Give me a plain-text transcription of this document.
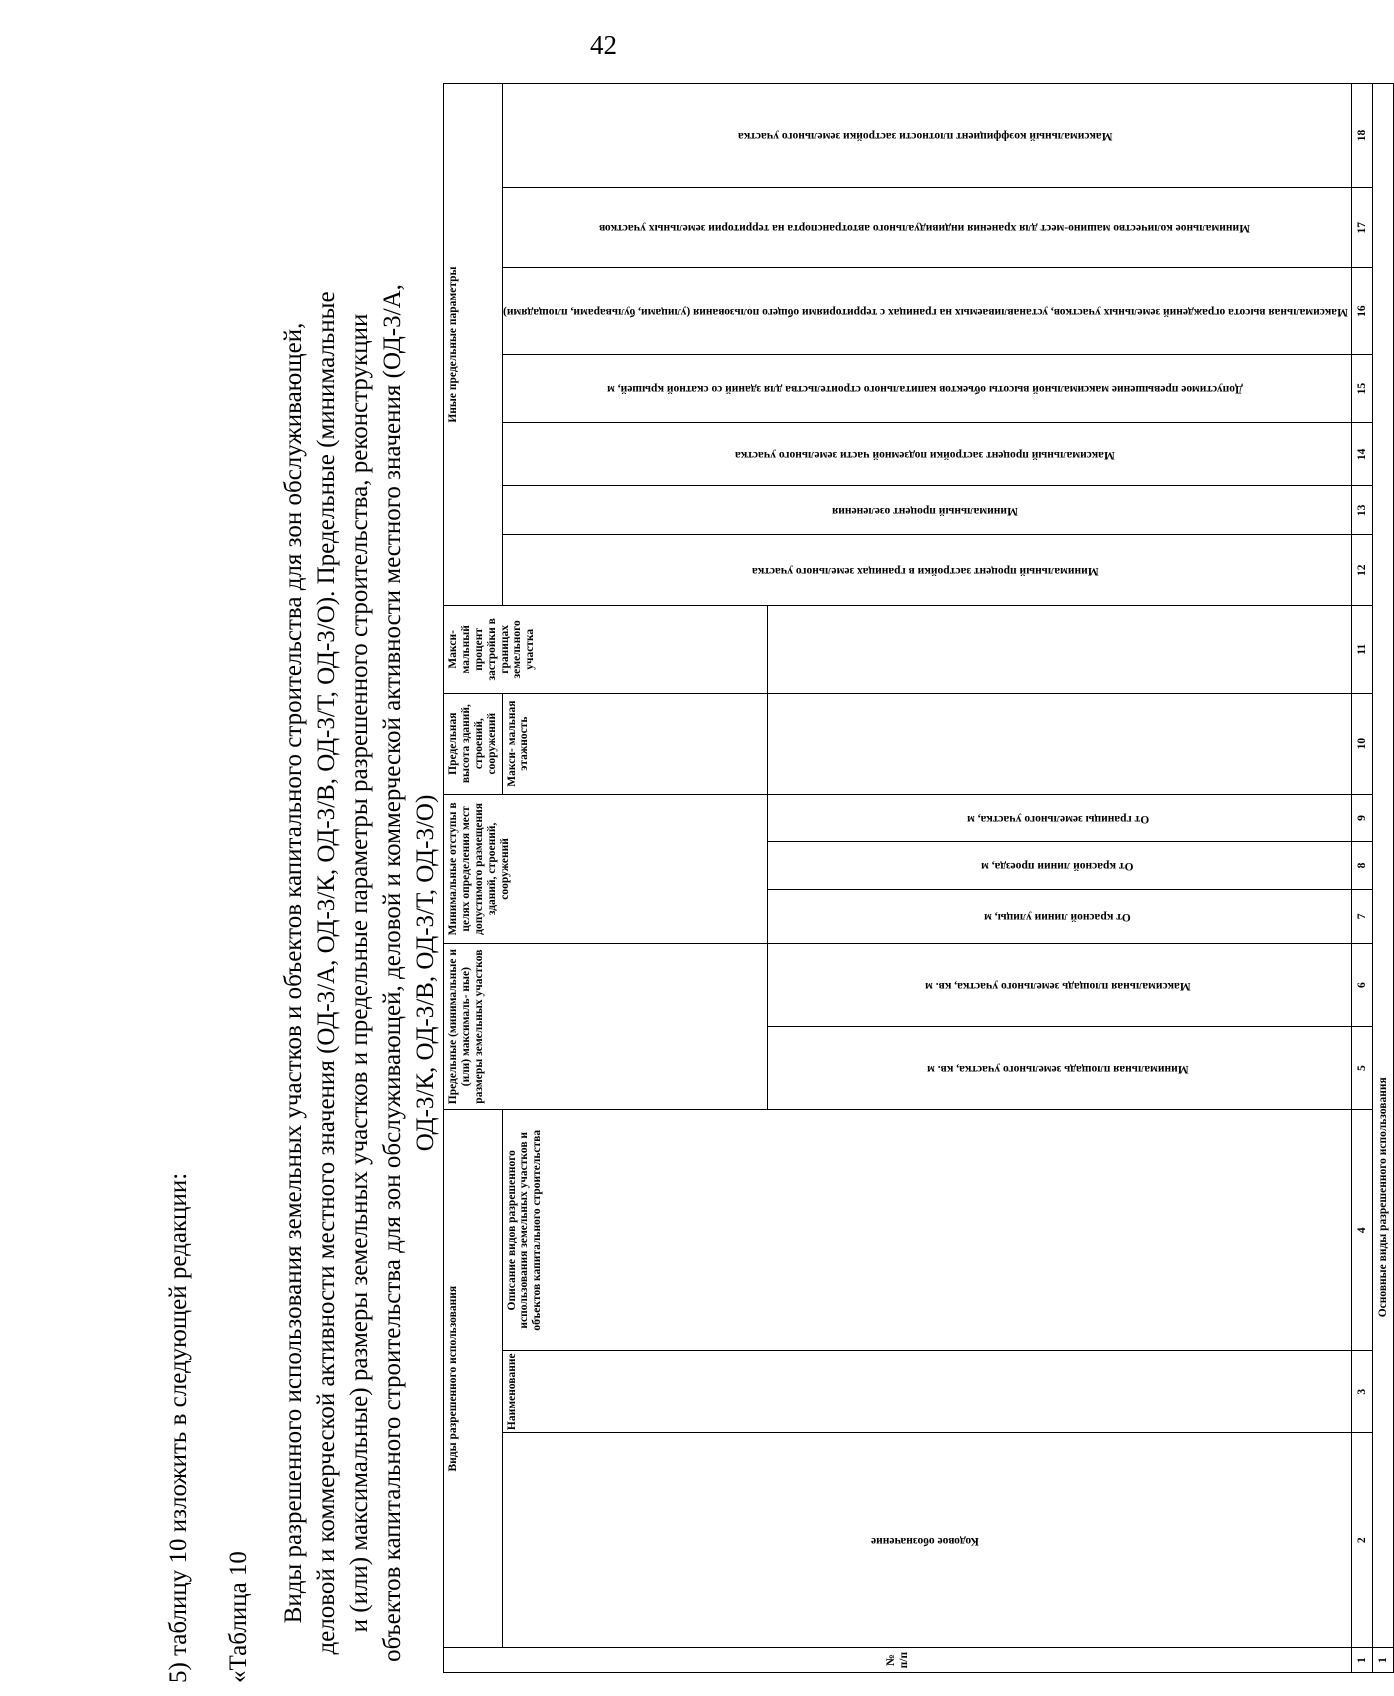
42
5) таблицу 10 изложить в следующей редакции: «Таблица 10 Виды разрешенного использования земельных участков и объектов капитального строительства для зон обслуживающей, деловой и коммерческой активности местного значения (ОД-3/А, ОД-3/К, ОД-3/В, ОД-3/Т, ОД-3/О). Предельные (минимальные и (или) максимальные) размеры земельных участков и предельные параметры разрешенного строительства, реконструкции объектов капитального строительства для зон обслуживающей, деловой и коммерческой активности местного значения (ОД-3/А, ОД-3/К, ОД-3/В, ОД-3/Т, ОД-3/О)
№ п/п	Виды разрешенного использования			Предельные (минимальные и (или) максималь- ные) размеры земельных участков		Минимальные отступы в целях определения мест допустимого размещения зданий, строений, сооружений			Предельная высота зданий, строений, сооружений	Макси- мальный процент застройки в границах земельного участка	Иные предельные параметры						
	Кодовое обозначение	Наименование	Описание видов разрешенного использования земельных участков и объектов капитального строительства						Макси- мальная этажность		Минимальный процент застройки в границах земельного участка	Минимальный процент озеленения	Максимальный процент застройки подземной части земельного участка	Допустимое превышение максимальной высоты объектов капитального строительства для зданий со скатной крышей, м	Максимальная высота ограждений земельных участков, устанавливаемых на границах с территориями общего пользования (улицами, бульварами, площадями)	Минимальное количество машино-мест для хранения индивидуального автотранспорта на территории земельных участков	Максимальный коэффициент плотности застройки земельного участка
				Минимальная площадь земельного участка, кв. м	Максимальная площадь земельного участка, кв. м	От красной линии улицы, м	От красной линии проезда, м	От границы земельного участка, м									
1	2	3	4	5	6	7	8	9	10	11	12	13	14	15	16	17	18
1	Основные виды разрешенного использования																
